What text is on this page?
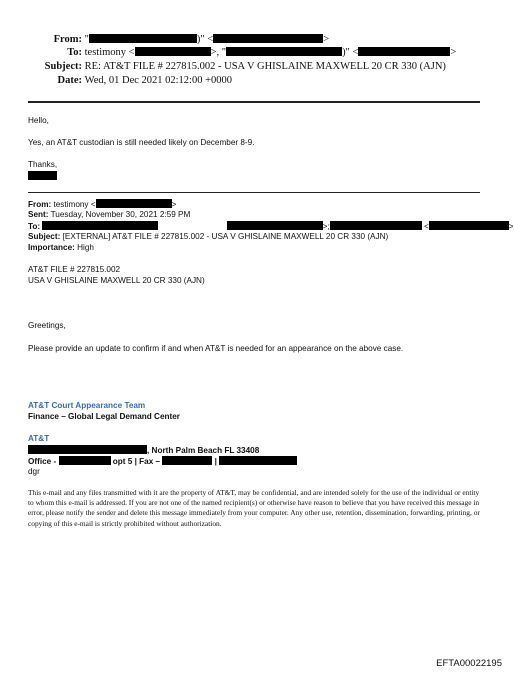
From: "	)" <	>
To: testimony <	>, "	)" <	>
Subject: RE: AT&T FILE # 227815.002 - USA V GHISLAINE MAXWELL 20 CR 330 (AJN)
Date: Wed, 01 Dec 2021 02:12:00 +0000
Hello,
Yes, an AT&T custodian is still needed likely on December 8-9.
Thanks,
From: testimony <	>
Sent: Tuesday, November 30, 2021 2:59 PM
To:	>;	<	>
Subject: [EXTERNAL] AT&T FILE # 227815.002 - USA V GHISLAINE MAXWELL 20 CR 330 (AJN)
Importance: High
AT&T FILE # 227815.002
USA V GHISLAINE MAXWELL 20 CR 330 (AJN)
Greetings,
Please provide an update to confirm if and when AT&T is needed for an appearance on the above case.
AT&T Court Appearance Team
Finance – Global Legal Demand Center
AT&T
, North Palm Beach FL 33408
Office -	opt 5 | Fax –	|
dgr
This e-mail and any files transmitted with it are the property of AT&T, may be confidential, and are intended solely for the use of the individual or entity to whom this e-mail is addressed. If you are not one of the named recipient(s) or otherwise have reason to believe that you have received this message in error, please notify the sender and delete this message immediately from your computer. Any other use, retention, dissemination, forwarding, printing, or copying of this e-mail is strictly prohibited without authorization.
EFTA00022195
